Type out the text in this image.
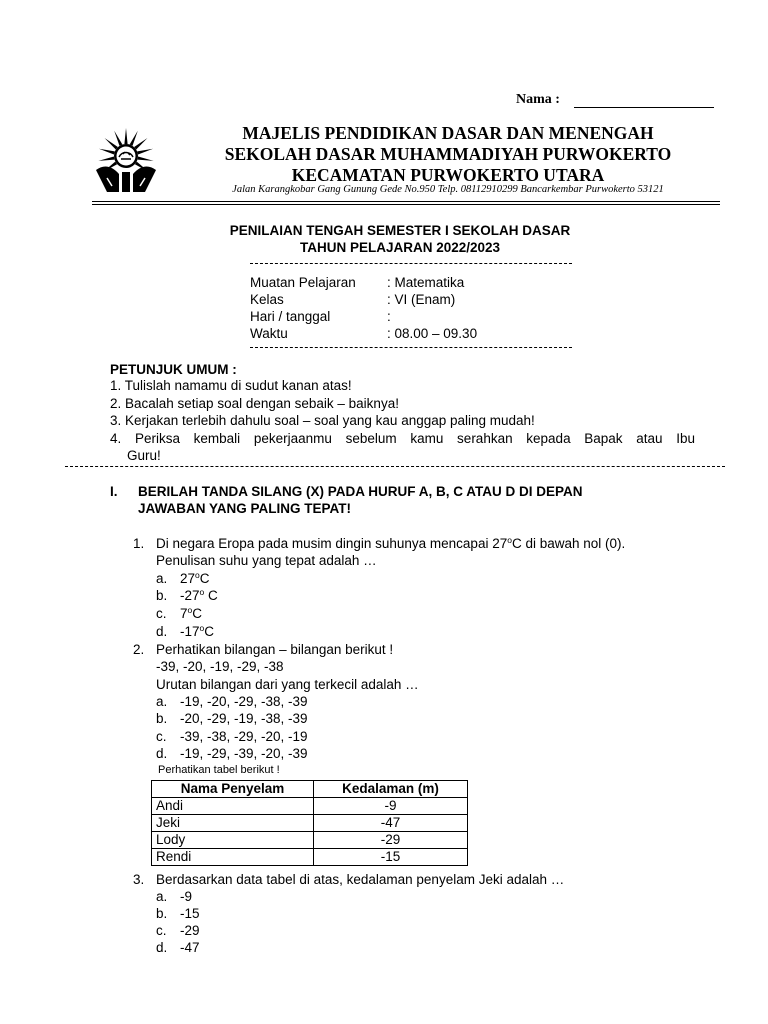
Nama :
MAJELIS PENDIDIKAN DASAR DAN MENENGAH
SEKOLAH DASAR MUHAMMADIYAH PURWOKERTO
KECAMATAN PURWOKERTO UTARA
Jalan Karangkobar Gang Gunung Gede No.950 Telp. 08112910299 Bancarkembar Purwokerto 53121
PENILAIAN TENGAH SEMESTER I SEKOLAH DASAR
TAHUN PELAJARAN 2022/2023
Muatan Pelajaran : Matematika
Kelas	: VI (Enam)
Hari / tanggal	:
Waktu	: 08.00 – 09.30
PETUNJUK UMUM :
1. Tulislah namamu di sudut kanan atas!
2. Bacalah setiap soal dengan sebaik – baiknya!
3. Kerjakan terlebih dahulu soal – soal yang kau anggap paling mudah!
4. Periksa kembali pekerjaanmu sebelum kamu serahkan kepada Bapak atau Ibu
Guru!
I. BERILAH TANDA SILANG (X) PADA HURUF A, B, C ATAU D DI DEPAN
JAWABAN YANG PALING TEPAT!
1. Di negara Eropa pada musim dingin suhunya mencapai 27$^o$C di bawah nol (0).
Penulisan suhu yang tepat adalah …
a. 27$^o$C
b. -27$^o$ C
c. 7$^o$C
d. -17$^o$C
2. Perhatikan bilangan – bilangan berikut !
-39, -20, -19, -29, -38
Urutan bilangan dari yang terkecil adalah …
a. -19, -20, -29, -38, -39
b. -20, -29, -19, -38, -39
c. -39, -38, -29, -20, -19
d. -19, -29, -39, -20, -39
Perhatikan tabel berikut !
Nama Penyelam	Kedalaman (m)
Andi	-9
Jeki	-47
Lody	-29
Rendi	-15
3. Berdasarkan data tabel di atas, kedalaman penyelam Jeki adalah …
a. -9
b. -15
c. -29
d. -47
